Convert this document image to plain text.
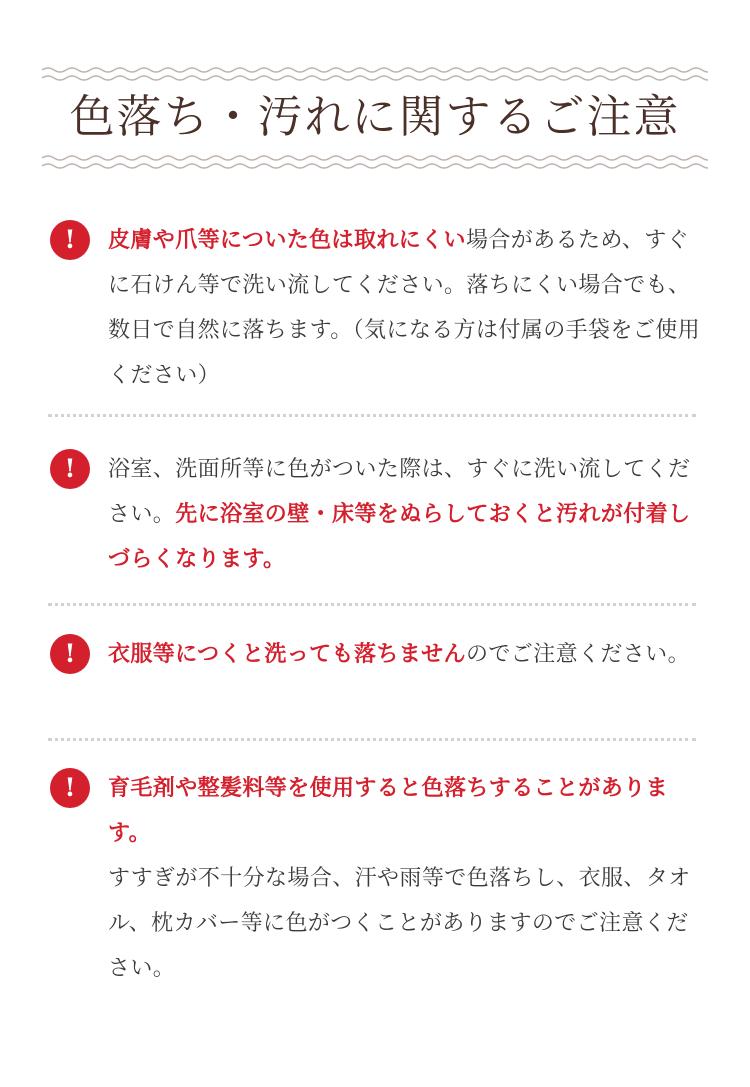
色落ち・汚れに関するご注意
!	皮膚や爪等についた色は取れにくい場合があるため、すぐに石けん等で洗い流してください。落ちにくい場合でも、数日で自然に落ちます。（気になる方は付属の手袋をご使用ください）
!	浴室、洗面所等に色がついた際は、すぐに洗い流してください。先に浴室の壁・床等をぬらしておくと汚れが付着しづらくなります。
!	衣服等につくと洗っても落ちませんのでご注意ください。
!	育毛剤や整髪料等を使用すると色落ちすることがあります。
すすぎが不十分な場合、汗や雨等で色落ちし、衣服、タオル、枕カバー等に色がつくことがありますのでご注意ください。
